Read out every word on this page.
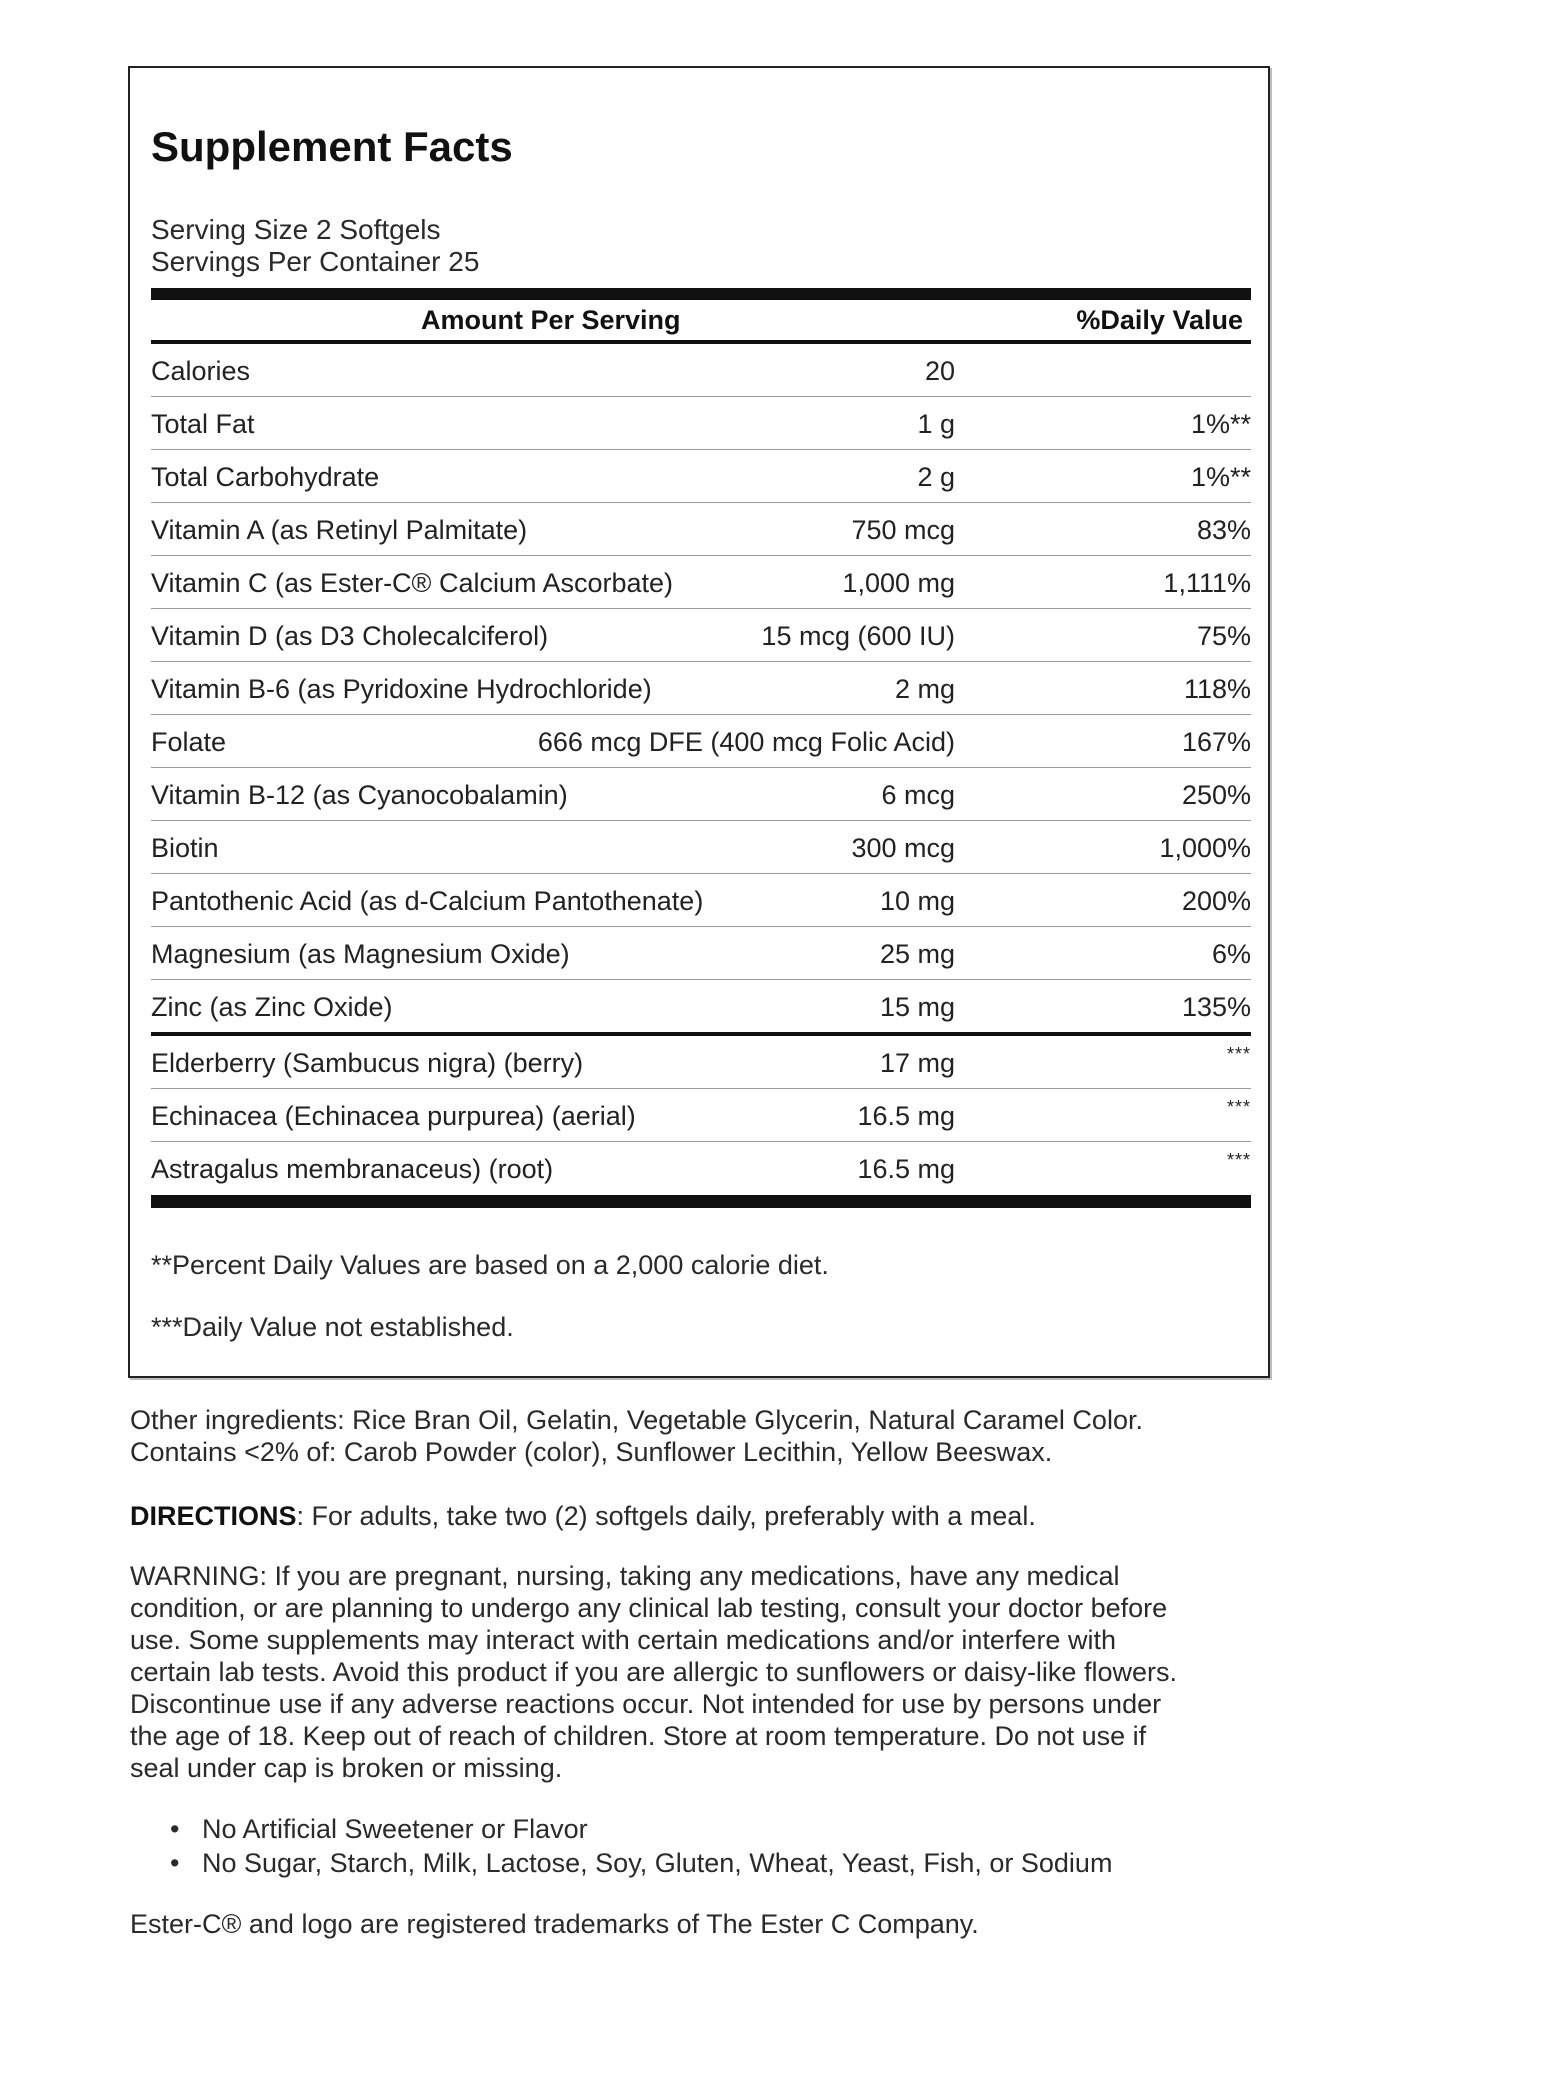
Supplement Facts
Serving Size 2 Softgels
Servings Per Container 25
Amount Per Serving	%Daily Value
Calories	20
Total Fat	1 g	1%**
Total Carbohydrate	2 g	1%**
Vitamin A (as Retinyl Palmitate)	750 mcg	83%
Vitamin C (as Ester-C® Calcium Ascorbate)	1,000 mg	1,111%
Vitamin D (as D3 Cholecalciferol)	15 mcg (600 IU)	75%
Vitamin B-6 (as Pyridoxine Hydrochloride)	2 mg	118%
Folate	666 mcg DFE (400 mcg Folic Acid)	167%
Vitamin B-12 (as Cyanocobalamin)	6 mcg	250%
Biotin	300 mcg	1,000%
Pantothenic Acid (as d-Calcium Pantothenate)	10 mg	200%
Magnesium (as Magnesium Oxide)	25 mg	6%
Zinc (as Zinc Oxide)	15 mg	135%
Elderberry (Sambucus nigra) (berry)	17 mg	***
Echinacea (Echinacea purpurea) (aerial)	16.5 mg	***
Astragalus membranaceus) (root)	16.5 mg	***
**Percent Daily Values are based on a 2,000 calorie diet.
***Daily Value not established.

Other ingredients: Rice Bran Oil, Gelatin, Vegetable Glycerin, Natural Caramel Color.

Contains <2% of: Carob Powder (color), Sunflower Lecithin, Yellow Beeswax.

DIRECTIONS: For adults, take two (2) softgels daily, preferably with a meal.

WARNING: If you are pregnant, nursing, taking any medications, have any medical

condition, or are planning to undergo any clinical lab testing, consult your doctor before

use. Some supplements may interact with certain medications and/or interfere with

certain lab tests. Avoid this product if you are allergic to sunflowers or daisy-like flowers.

Discontinue use if any adverse reactions occur. Not intended for use by persons under

the age of 18. Keep out of reach of children. Store at room temperature. Do not use if

seal under cap is broken or missing.

• No Artificial Sweetener or Flavor
• No Sugar, Starch, Milk, Lactose, Soy, Gluten, Wheat, Yeast, Fish, or Sodium
Ester-C® and logo are registered trademarks of The Ester C Company.
